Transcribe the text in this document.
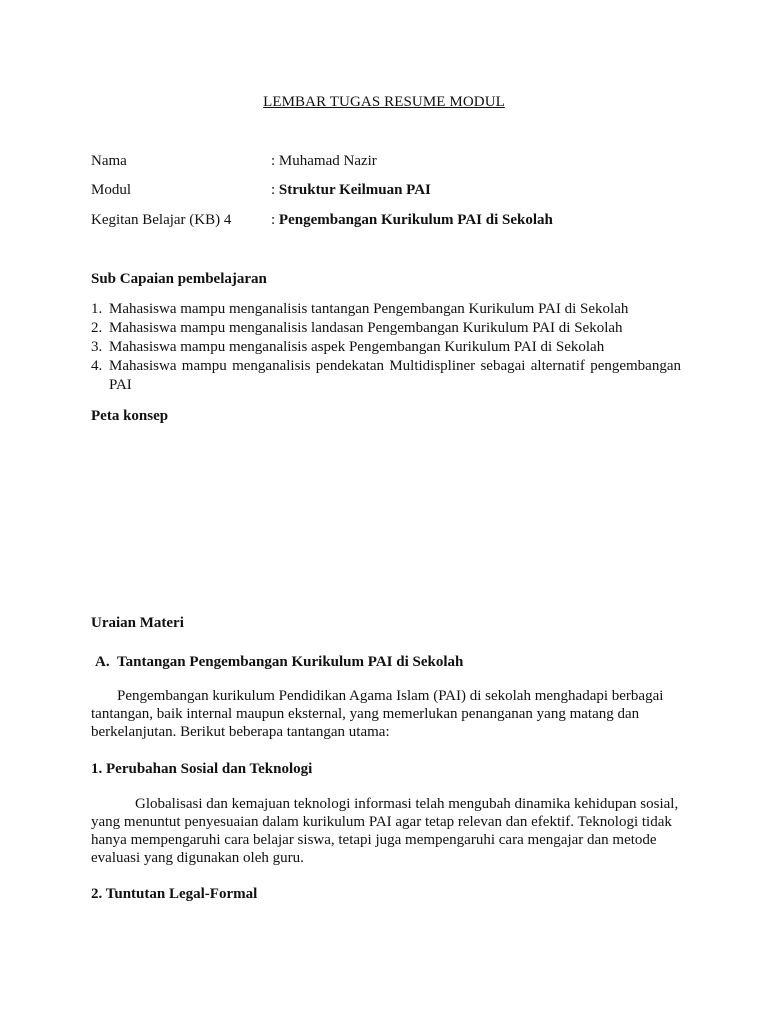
LEMBAR TUGAS RESUME MODUL
Nama	: Muhamad Nazir
Modul	: Struktur Keilmuan PAI
Kegitan Belajar (KB) 4	: Pengembangan Kurikulum PAI di Sekolah
Sub Capaian pembelajaran
1. Mahasiswa mampu menganalisis tantangan Pengembangan Kurikulum PAI di Sekolah
2. Mahasiswa mampu menganalisis landasan Pengembangan Kurikulum PAI di Sekolah
3. Mahasiswa mampu menganalisis aspek Pengembangan Kurikulum PAI di Sekolah
4. Mahasiswa mampu menganalisis pendekatan Multidispliner sebagai alternatif pengembangan PAI
Peta konsep
Uraian Materi
A. Tantangan Pengembangan Kurikulum PAI di Sekolah
Pengembangan kurikulum Pendidikan Agama Islam (PAI) di sekolah menghadapi berbagai tantangan, baik internal maupun eksternal, yang memerlukan penanganan yang matang dan berkelanjutan. Berikut beberapa tantangan utama:
1. Perubahan Sosial dan Teknologi
Globalisasi dan kemajuan teknologi informasi telah mengubah dinamika kehidupan sosial, yang menuntut penyesuaian dalam kurikulum PAI agar tetap relevan dan efektif. Teknologi tidak hanya mempengaruhi cara belajar siswa, tetapi juga mempengaruhi cara mengajar dan metode evaluasi yang digunakan oleh guru.
2. Tuntutan Legal-Formal
